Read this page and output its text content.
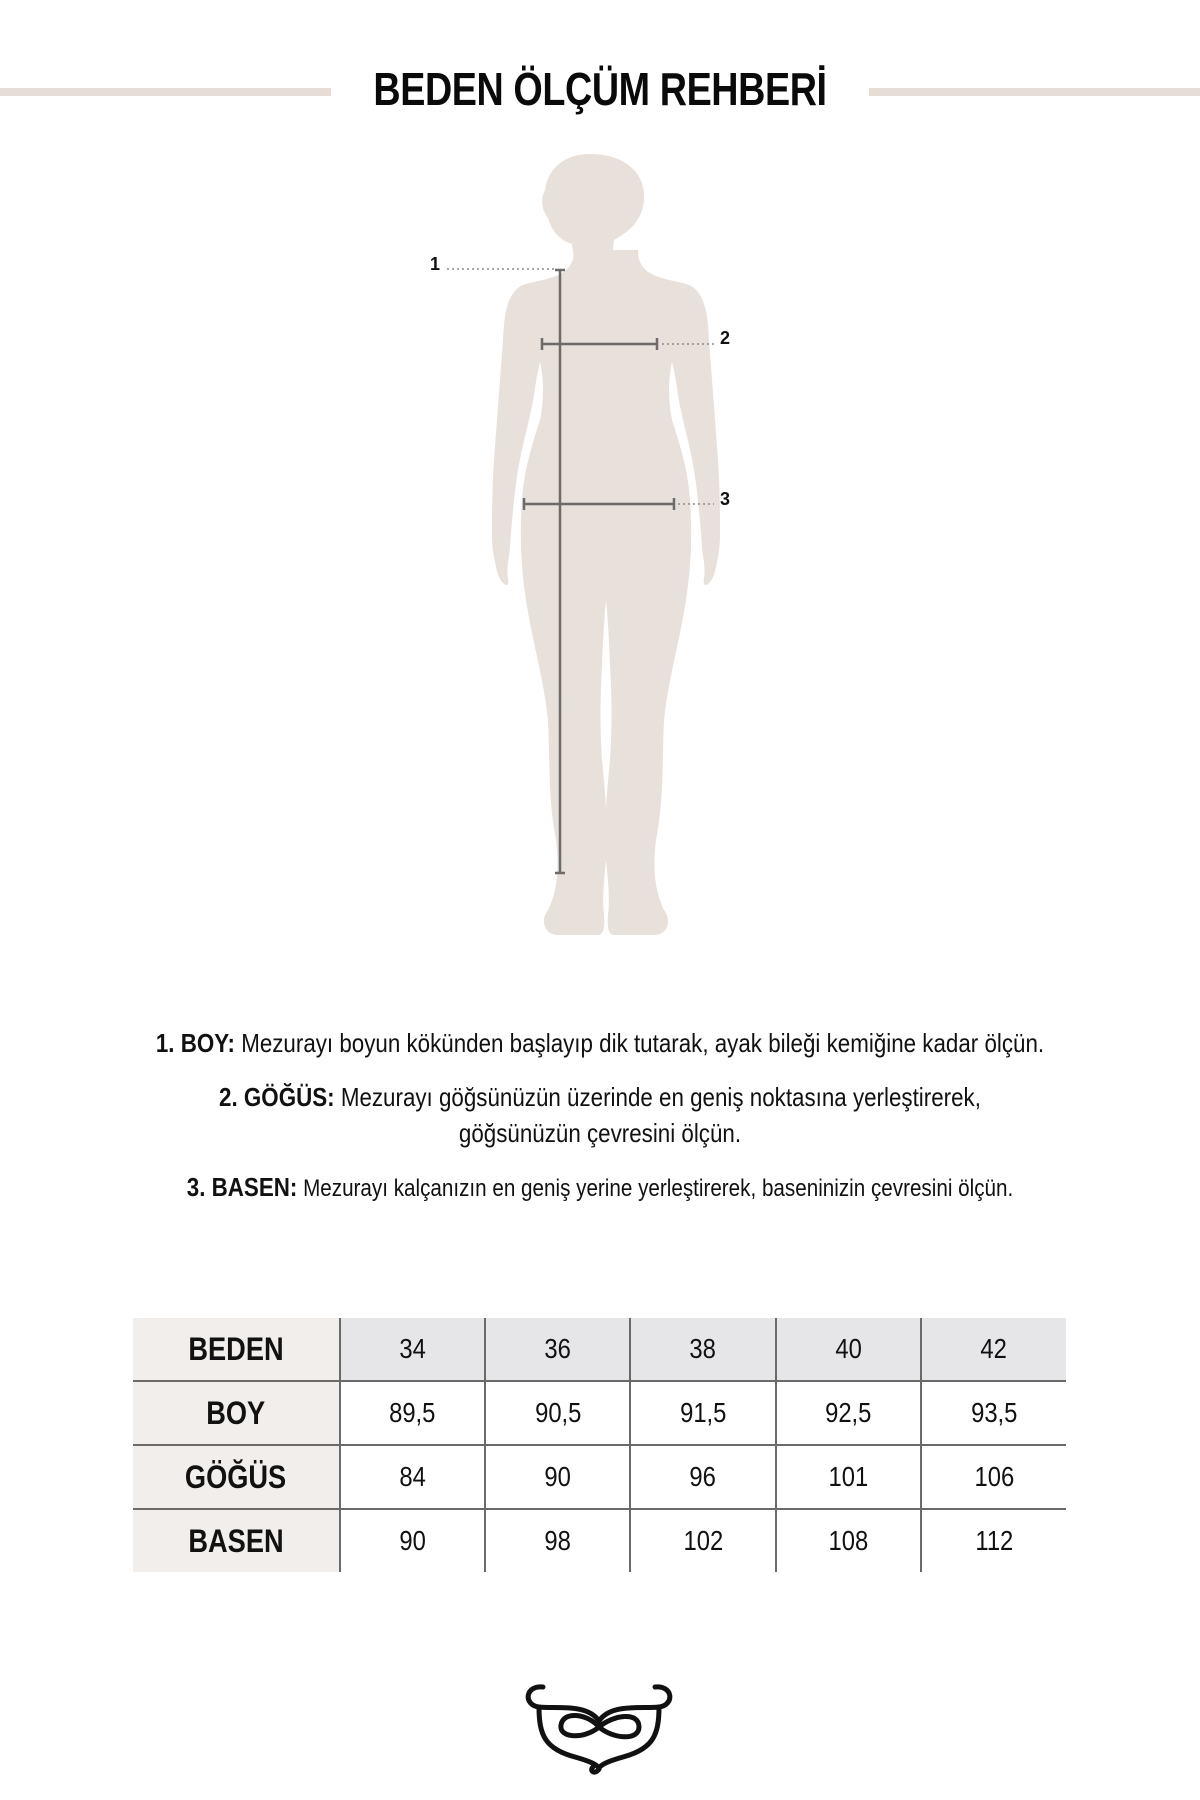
BEDEN ÖLÇÜM REHBERİ
1
2
3
1. BOY: Mezurayı boyun kökünden başlayıp dik tutarak, ayak bileği kemiğine kadar ölçün.
2. GÖĞÜS: Mezurayı göğsünüzün üzerinde en geniş noktasına yerleştirerek,
göğsünüzün çevresini ölçün.
3. BASEN: Mezurayı kalçanızın en geniş yerine yerleştirerek, baseninizin çevresini ölçün.
BEDEN	34	36	38	40	42
BOY	89,5	90,5	91,5	92,5	93,5
GÖĞÜS	84	90	96	101	106
BASEN	90	98	102	108	112
